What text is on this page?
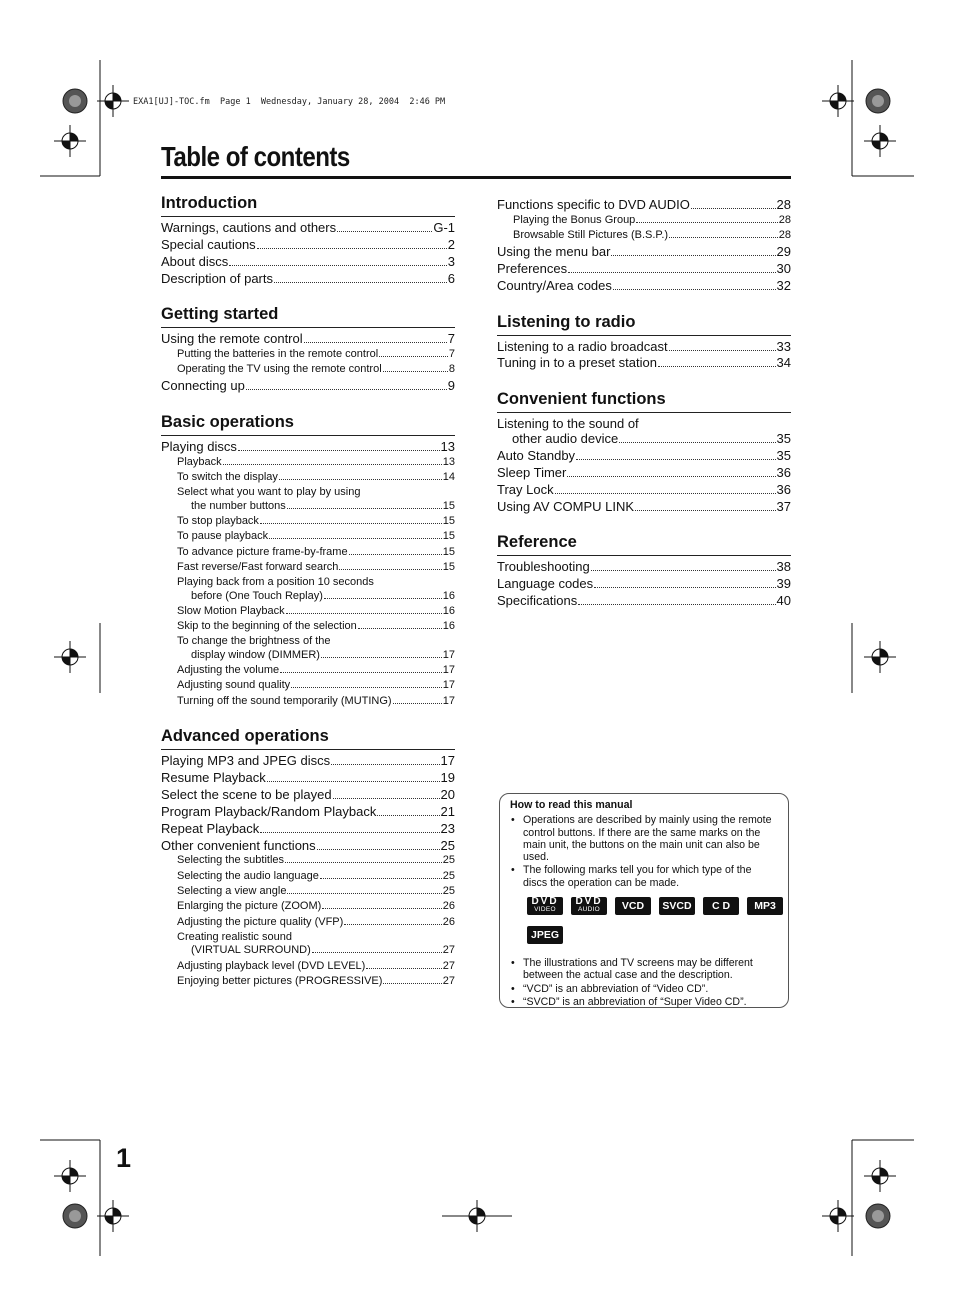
EXA1[UJ]-TOC.fm  Page 1  Wednesday, January 28, 2004  2:46 PM
Table of contents
Introduction
Warnings, cautions and others	G-1
Special cautions	2
About discs	3
Description of parts	6
Getting started
Using the remote control	7
Putting the batteries in the remote control	7
Operating the TV using the remote control	8
Connecting up	9
Basic operations
Playing discs	13
Playback	13
To switch the display	14
Select what you want to play by using
the number buttons	15
To stop playback	15
To pause playback	15
To advance picture frame-by-frame	15
Fast reverse/Fast forward search	15
Playing back from a position 10 seconds
before (One Touch Replay)	16
Slow Motion Playback	16
Skip to the beginning of the selection	16
To change the brightness of the
display window (DIMMER)	17
Adjusting the volume	17
Adjusting sound quality	17
Turning off the sound temporarily (MUTING)	17
Advanced operations
Playing MP3 and JPEG discs	17
Resume Playback	19
Select the scene to be played	20
Program Playback/Random Playback	21
Repeat Playback	23
Other convenient functions	25
Selecting the subtitles	25
Selecting the audio language	25
Selecting a view angle	25
Enlarging the picture (ZOOM)	26
Adjusting the picture quality (VFP)	26
Creating realistic sound
(VIRTUAL SURROUND)	27
Adjusting playback level (DVD LEVEL)	27
Enjoying better pictures (PROGRESSIVE)	27
Functions specific to DVD AUDIO	28
Playing the Bonus Group	28
Browsable Still Pictures (B.S.P.)	28
Using the menu bar	29
Preferences	30
Country/Area codes	32
Listening to radio
Listening to a radio broadcast	33
Tuning in to a preset station	34
Convenient functions
Listening to the sound of
other audio device	35
Auto Standby	35
Sleep Timer	36
Tray Lock	36
Using AV COMPU LINK	37
Reference
Troubleshooting	38
Language codes	39
Specifications	40
How to read this manual
• Operations are described by mainly using the remote control buttons. If there are the same marks on the main unit, the buttons on the main unit can also be used.
• The following marks tell you for which type of the discs the operation can be made.
DVD
VIDEO
DVD
AUDIO VCD SVCD C D MP3
JPEG
• The illustrations and TV screens may be different between the actual case and the description.
• “VCD” is an abbreviation of “Video CD”.
• “SVCD” is an abbreviation of “Super Video CD”.
1
